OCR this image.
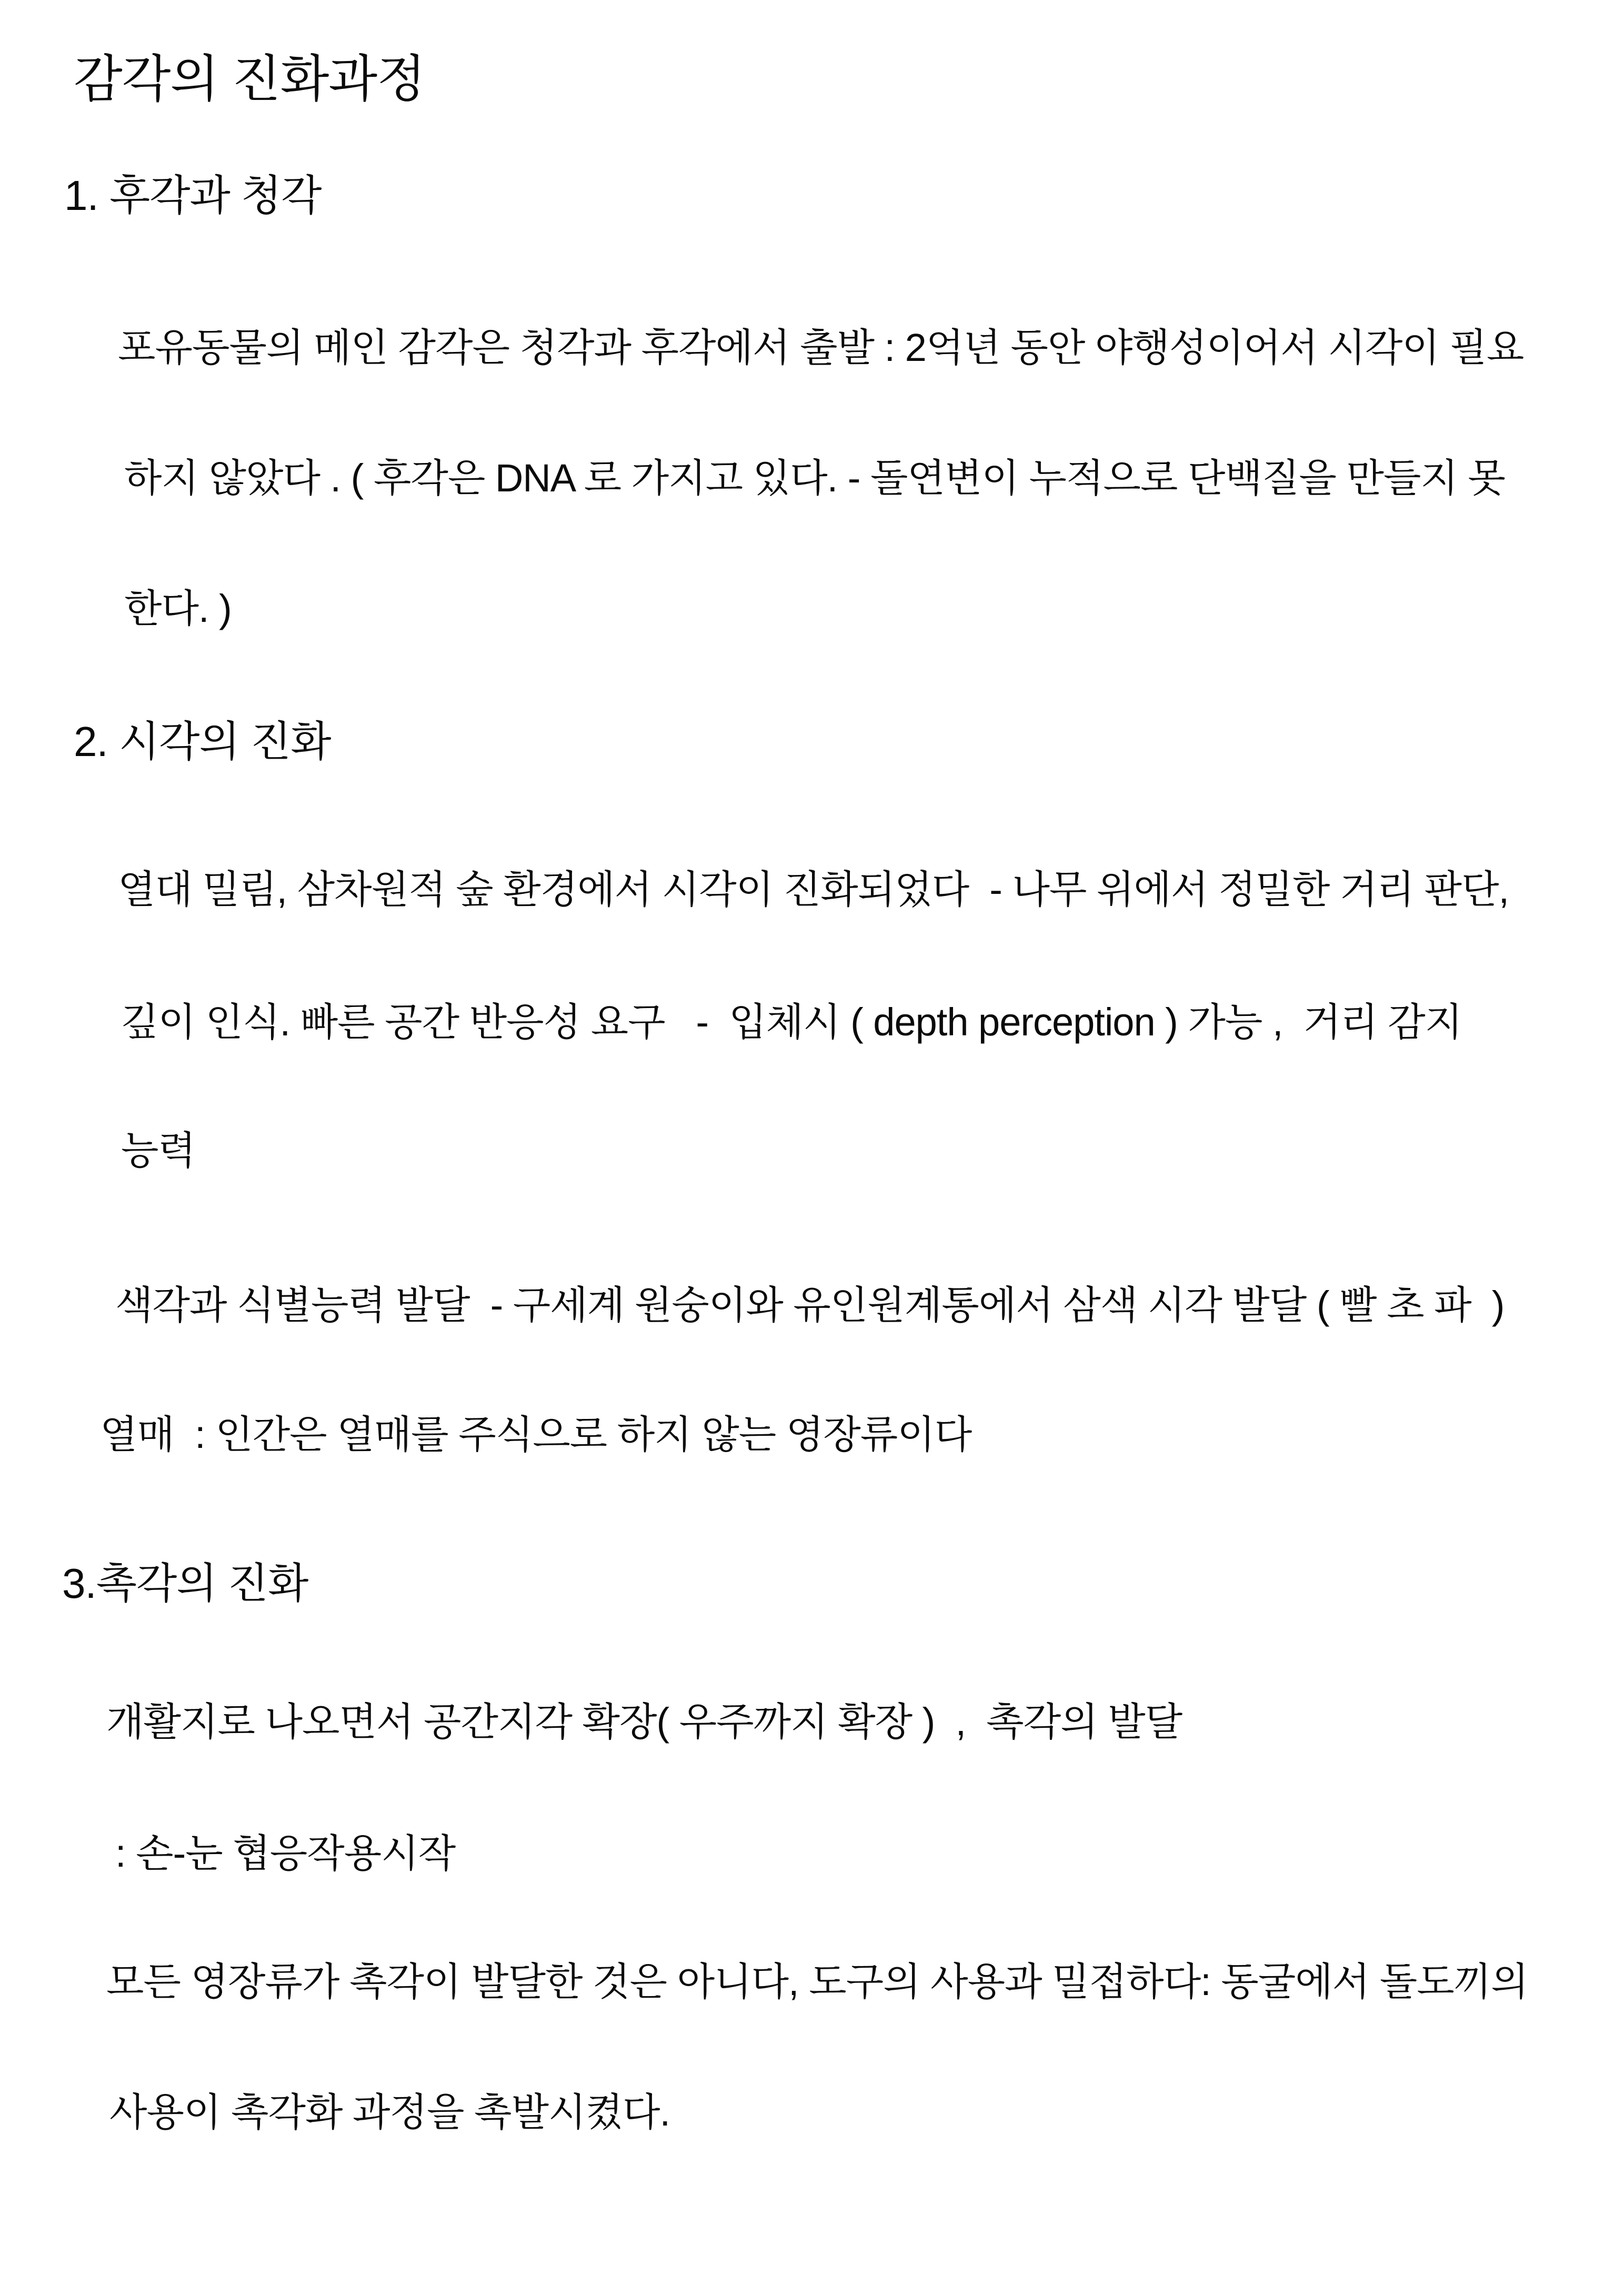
감각의 진화과정
1. 후각과 청각
포유동물의 메인 감각은 청각과 후각에서 출발 : 2억년 동안 야행성이어서 시각이 필요
하지 않았다 . ( 후각은 DNA 로 가지고 있다. - 돌연변이 누적으로 단백질을 만들지 못
한다. )
2. 시각의 진화
열대 밀림, 삼차원적 숲 환경에서 시각이 진화되었다  - 나무 위에서 정밀한 거리 판단,
깊이 인식. 빠른 공간 반응성 요구   -  입체시 ( depth perception ) 가능 ,  거리 감지
능력
색각과 식별능력 발달  - 구세계 원숭이와 유인원계통에서 삼색 시각 발달 ( 빨 초 파  )
열매  : 인간은 열매를 주식으로 하지 않는 영장류이다
3.촉각의 진화
개활지로 나오면서 공간지각 확장( 우주까지 확장 )  ,  촉각의 발달
: 손-눈 협응작용시작
모든 영장류가 촉각이 발달한 것은 아니다, 도구의 사용과 밀접하다: 동굴에서 돌도끼의
사용이 촉각화 과정을 촉발시켰다.
